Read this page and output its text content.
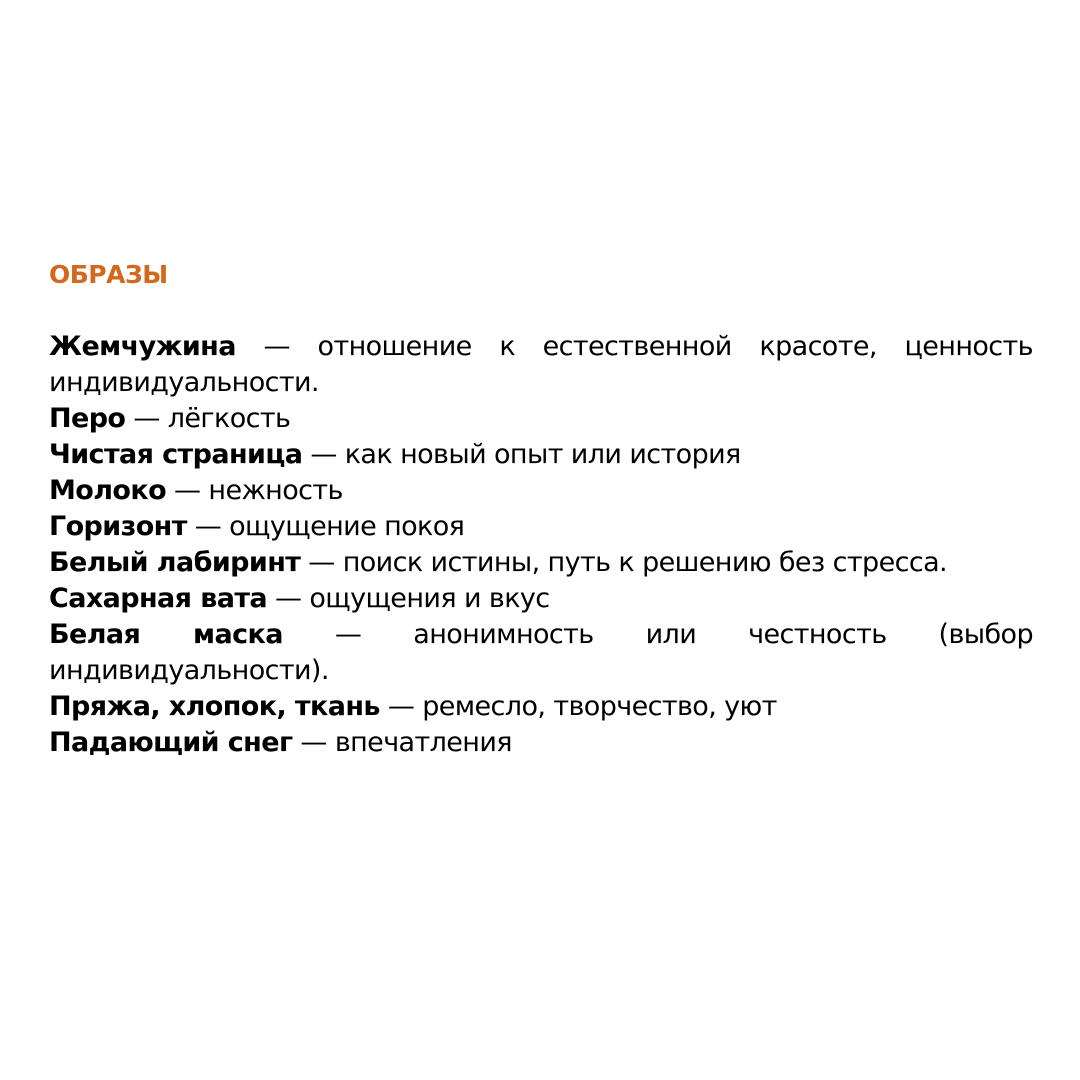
ОБРАЗЫ

Жемчужина — отношение к естественной красоте, ценность индивидуальности.

Перо — лёгкость

Чистая страница — как новый опыт или история

Молоко — нежность

Горизонт — ощущение покоя

Белый лабиринт — поиск истины, путь к решению без стресса.

Сахарная вата — ощущения и вкус

Белая маска — анонимность или честность (выбор индивидуальности).

Пряжа, хлопок, ткань — ремесло, творчество, уют

Падающий снег — впечатления
